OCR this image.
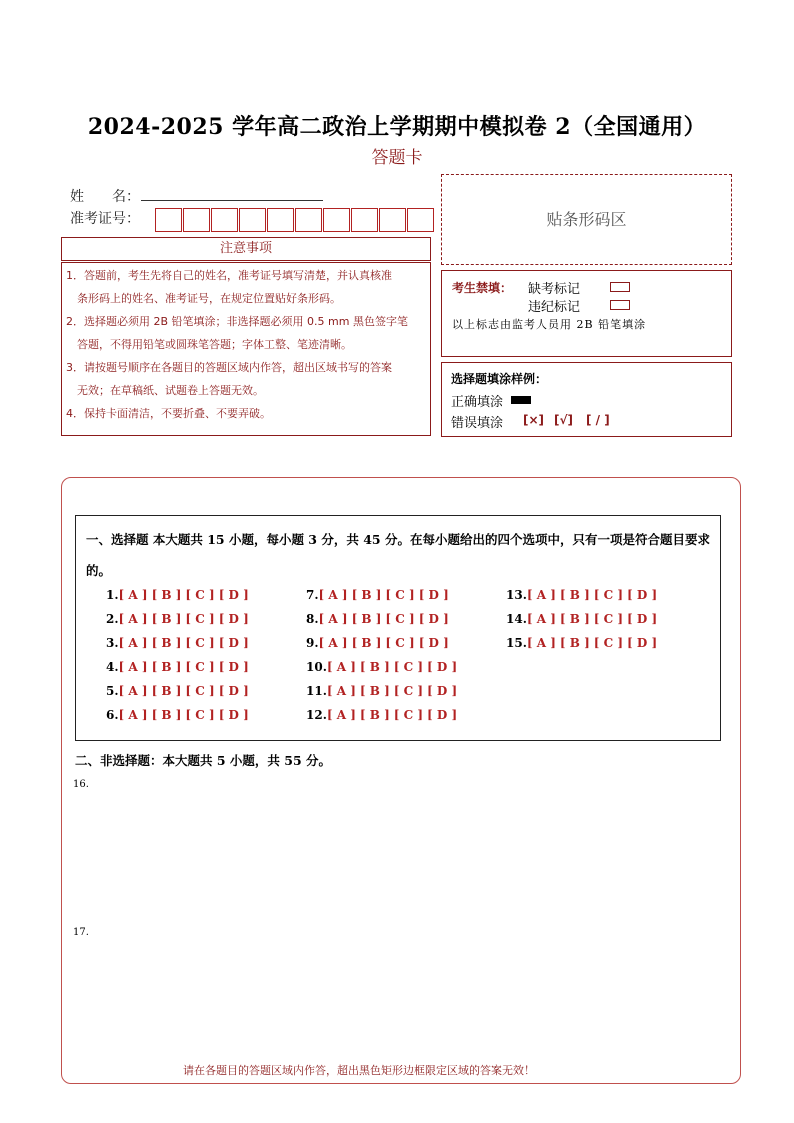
2024-2025 学年高二政治上学期期中模拟卷 2（全国通用）
答题卡
姓　　名：
准考证号：
注意事项
1．答题前，考生先将自己的姓名，准考证号填写清楚，并认真核准
　条形码上的姓名、准考证号，在规定位置贴好条形码。
2．选择题必须用 2B 铅笔填涂；非选择题必须用 0.5 mm 黑色签字笔
　答题，不得用铅笔或圆珠笔答题；字体工整、笔迹清晰。
3．请按题号顺序在各题目的答题区域内作答，超出区域书写的答案
　无效；在草稿纸、试题卷上答题无效。
4．保持卡面清洁，不要折叠、不要弄破。
贴条形码区
考生禁填： 缺考标记
违纪标记
以上标志由监考人员用 2B 铅笔填涂
选择题填涂样例：
正确填涂
错误填涂 [×] [√] [ / ]
一、选择题 本大题共 15 小题，每小题 3 分，共 45 分。在每小题给出的四个选项中，只有一项是符合题目要求的。
1.[ A ] [ B ] [ C ] [ D ]
2.[ A ] [ B ] [ C ] [ D ]
3.[ A ] [ B ] [ C ] [ D ]
4.[ A ] [ B ] [ C ] [ D ]
5.[ A ] [ B ] [ C ] [ D ]
6.[ A ] [ B ] [ C ] [ D ]
7.[ A ] [ B ] [ C ] [ D ]
8.[ A ] [ B ] [ C ] [ D ]
9.[ A ] [ B ] [ C ] [ D ]
10.[ A ] [ B ] [ C ] [ D ]
11.[ A ] [ B ] [ C ] [ D ]
12.[ A ] [ B ] [ C ] [ D ]
13.[ A ] [ B ] [ C ] [ D ]
14.[ A ] [ B ] [ C ] [ D ]
15.[ A ] [ B ] [ C ] [ D ]
二、非选择题：本大题共 5 小题，共 55 分。
16.
17.
请在各题目的答题区域内作答，超出黑色矩形边框限定区域的答案无效！
